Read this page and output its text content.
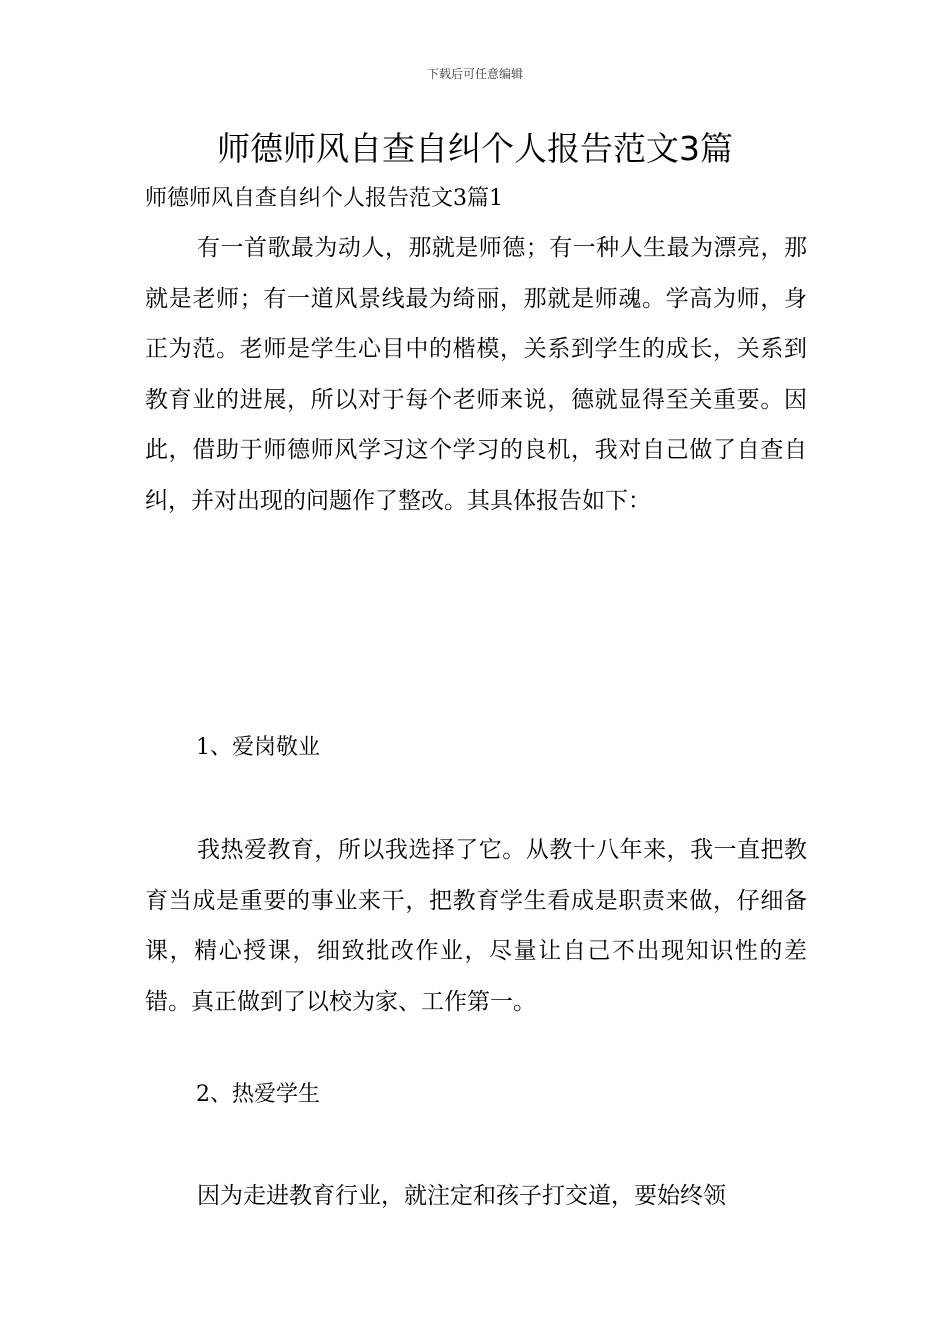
下载后可任意编辑
师德师风自查自纠个人报告范文3篇

师德师风自查自纠个人报告范文3篇1

有一首歌最为动人，那就是师德；有一种人生最为漂亮，那就是老师；有一道风景线最为绮丽，那就是师魂。学高为师，身正为范。老师是学生心目中的楷模，关系到学生的成长，关系到教育业的进展，所以对于每个老师来说，德就显得至关重要。因此，借助于师德师风学习这个学习的良机，我对自己做了自查自纠，并对出现的问题作了整改。其具体报告如下：

1、爱岗敬业

我热爱教育，所以我选择了它。从教十八年来，我一直把教育当成是重要的事业来干，把教育学生看成是职责来做，仔细备课，精心授课，细致批改作业，尽量让自己不出现知识性的差错。真正做到了以校为家、工作第一。

2、热爱学生

因为走进教育行业，就注定和孩子打交道，要始终领
